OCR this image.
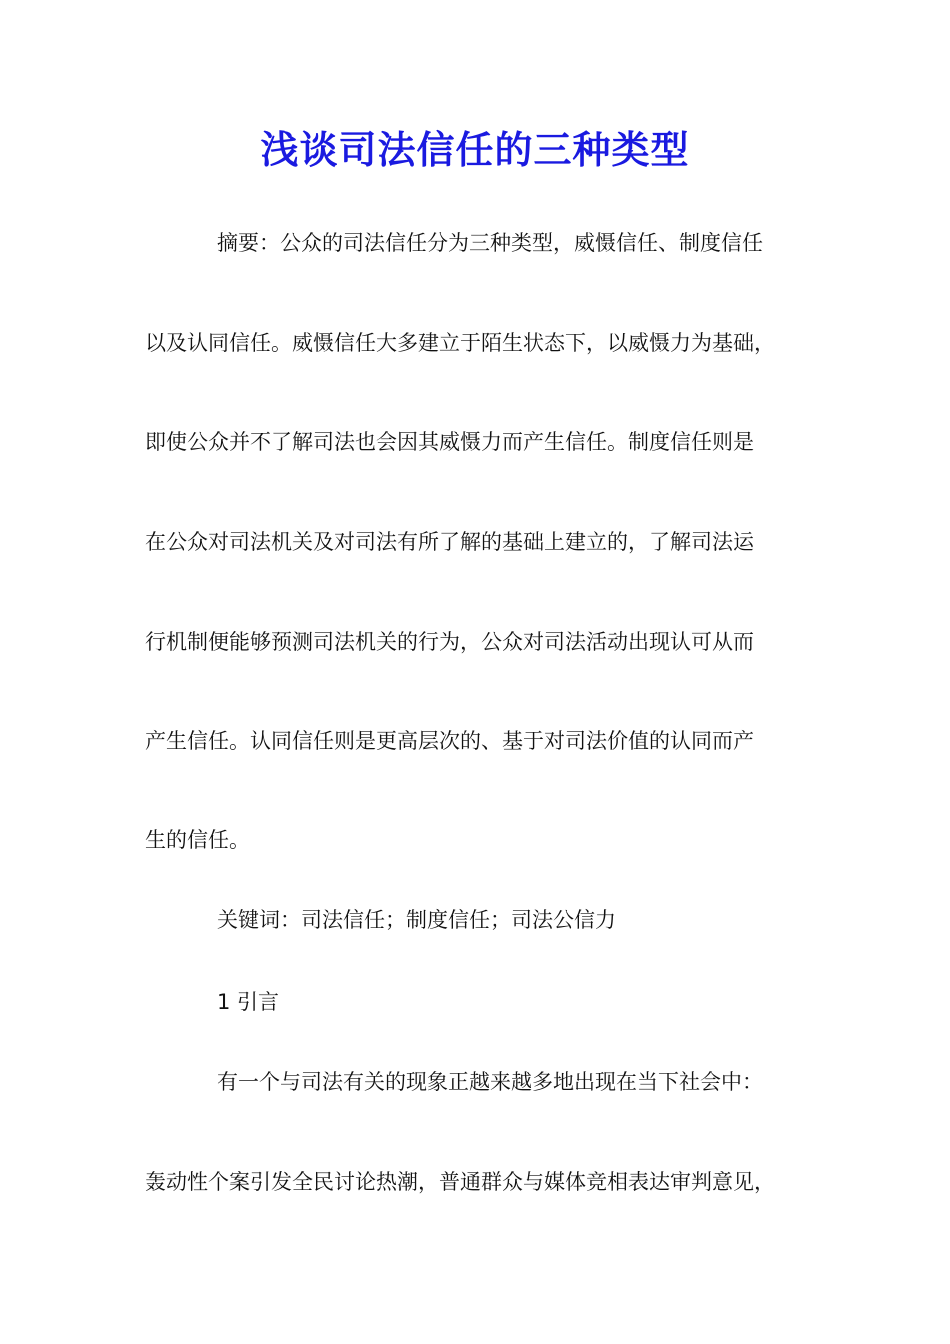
浅谈司法信任的三种类型
摘要：公众的司法信任分为三种类型，威慑信任、制度信任
以及认同信任。威慑信任大多建立于陌生状态下，以威慑力为基础，
即使公众并不了解司法也会因其威慑力而产生信任。制度信任则是
在公众对司法机关及对司法有所了解的基础上建立的，了解司法运
行机制便能够预测司法机关的行为，公众对司法活动出现认可从而
产生信任。认同信任则是更高层次的、基于对司法价值的认同而产
生的信任。
关键词：司法信任；制度信任；司法公信力
1 引言
有一个与司法有关的现象正越来越多地出现在当下社会中：
轰动性个案引发全民讨论热潮，普通群众与媒体竞相表达审判意见，
